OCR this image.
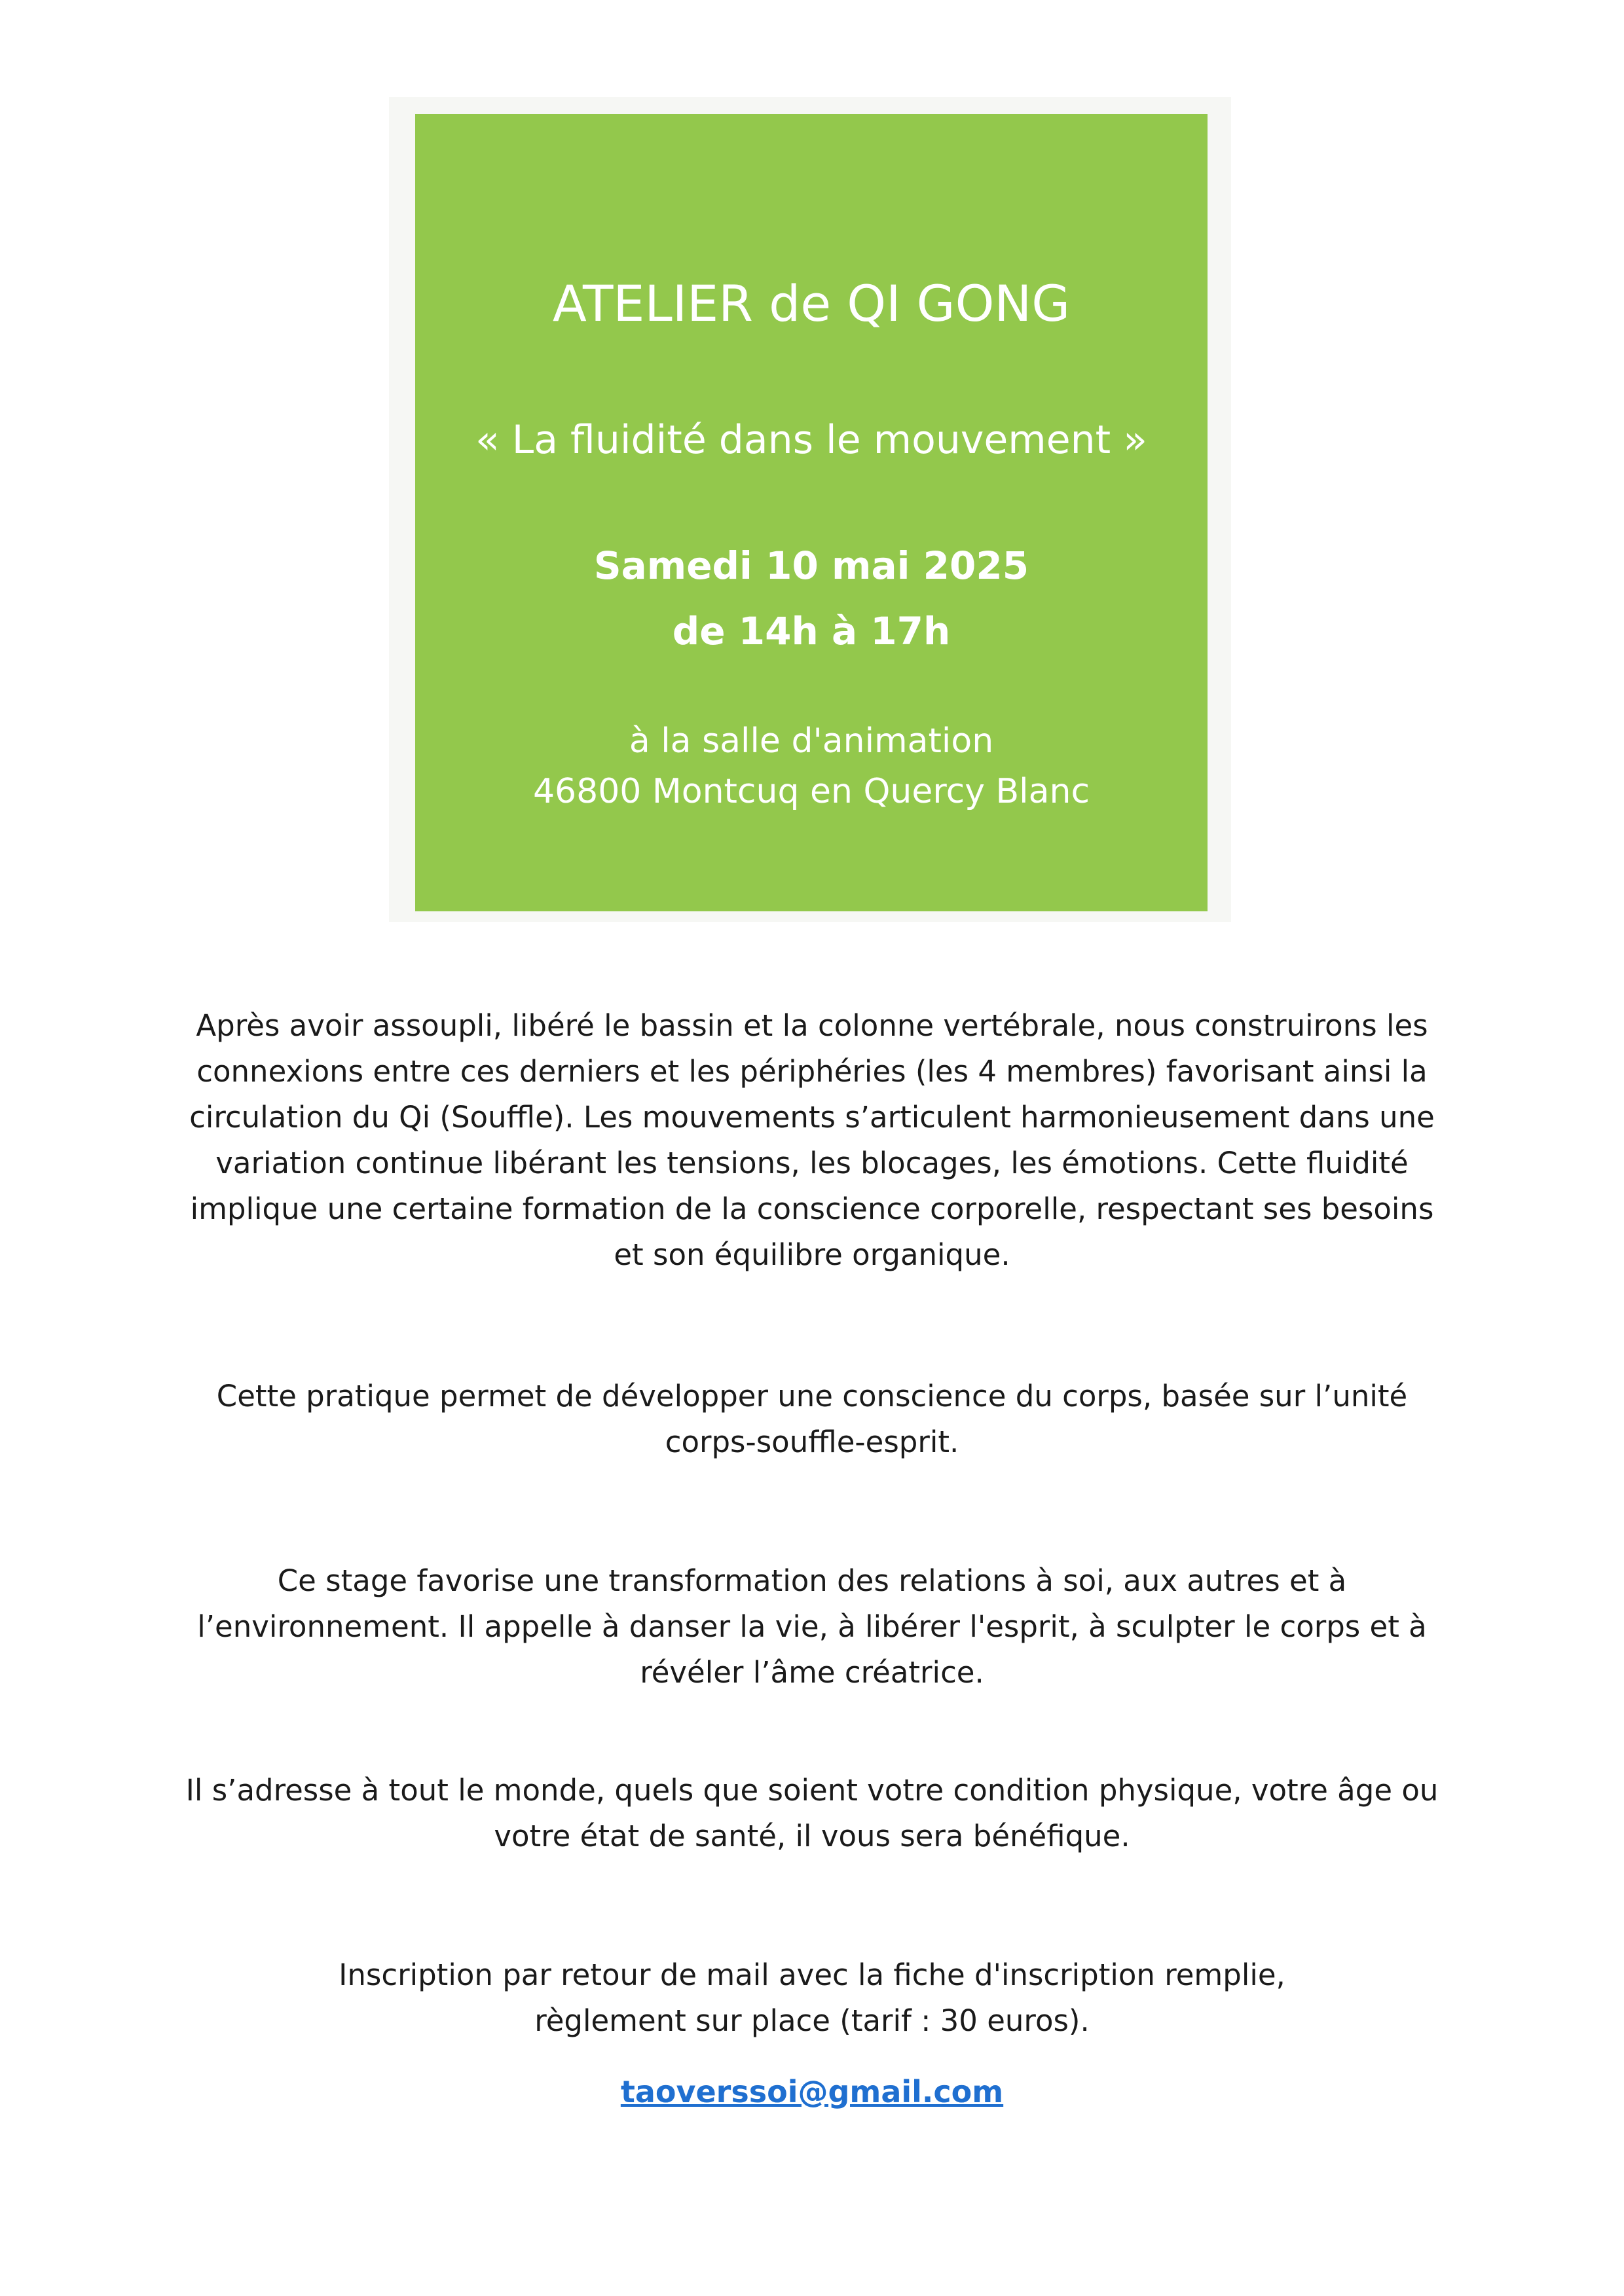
ATELIER de QI GONG
« La fluidité dans le mouvement »
Samedi 10 mai 2025
de 14h à 17h
à la salle d'animation
46800 Montcuq en Quercy Blanc
Après avoir assoupli, libéré le bassin et la colonne vertébrale, nous construirons les
connexions entre ces derniers et les périphéries (les 4 membres) favorisant ainsi la
circulation du Qi (Souffle). Les mouvements s’articulent harmonieusement dans une
variation continue libérant les tensions, les blocages, les émotions. Cette fluidité
implique une certaine formation de la conscience corporelle, respectant ses besoins
et son équilibre organique.
Cette pratique permet de développer une conscience du corps, basée sur l’unité
corps-souffle-esprit.
Ce stage favorise une transformation des relations à soi, aux autres et à
l’environnement. Il appelle à danser la vie, à libérer l'esprit, à sculpter le corps et à
révéler l’âme créatrice.
Il s’adresse à tout le monde, quels que soient votre condition physique, votre âge ou
votre état de santé, il vous sera bénéfique.
Inscription par retour de mail avec la fiche d'inscription remplie,
règlement sur place (tarif : 30 euros).
taoverssoi@gmail.com
